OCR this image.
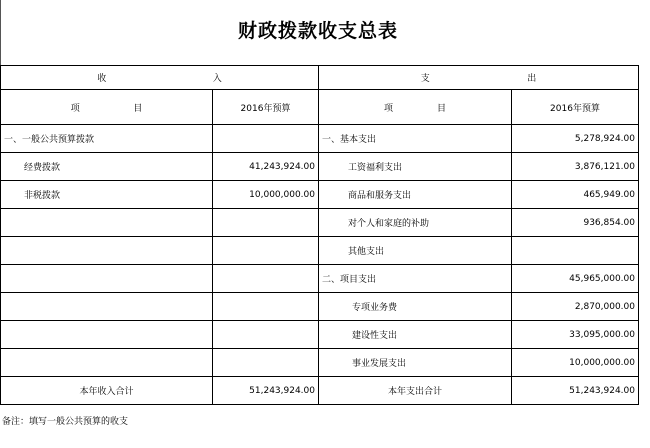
财政拨款收支总表
收 入		支 出	

项 目	2016年预算	项 目	2016年预算
一、一般公共预算拨款		一、基本支出	5,278,924.00
经费拨款	41,243,924.00	工资福利支出	3,876,121.00
非税拨款	10,000,000.00	商品和服务支出	465,949.00
		对个人和家庭的补助	936,854.00
		其他支出	
		二、项目支出	45,965,000.00
		专项业务费	2,870,000.00
		建设性支出	33,095,000.00
		事业发展支出	10,000,000.00
本年收入合计	51,243,924.00	本年支出合计	51,243,924.00
备注：填写一般公共预算的收支
